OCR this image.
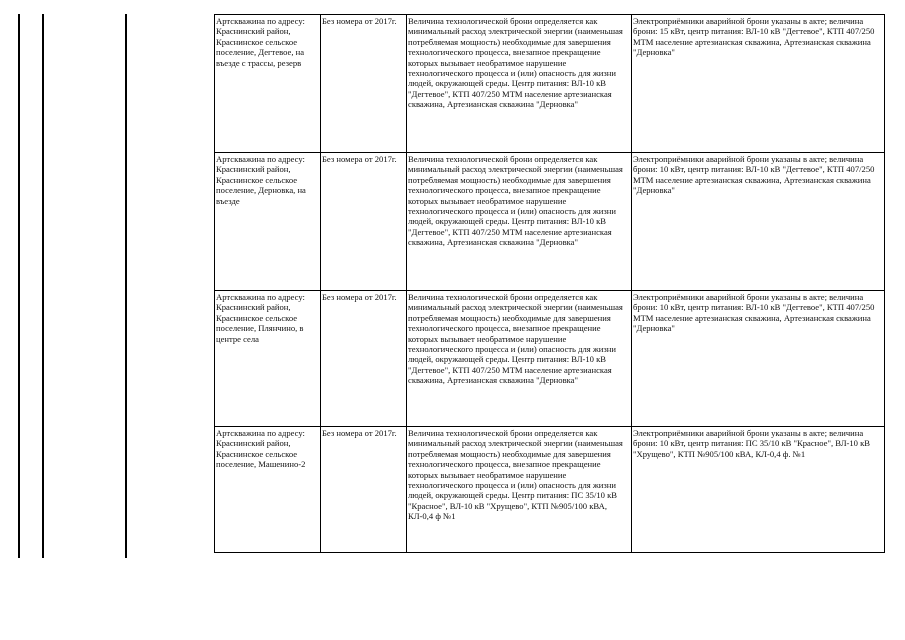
Артскважина по адресу: Краснинский район, Краснинское сельское поселение, Дегтевое, на въезде с трассы, резерв	Без номера от 2017г.	Величина технологической брони определяется как минимальный расход электрической энергии (наименьшая потребляемая мощность) необходимые для завершения технологического процесса, внезапное прекращение которых вызывает необратимое нарушение технологического процесса и (или) опасность для жизни людей, окружающей среды. Центр питания: ВЛ-10 кВ "Дегтевое", КТП 407/250 МТМ население артезианская скважина, Артезианская скважина "Дерновка"	Электроприёмники аварийной брони указаны в акте; величина брони: 15 кВт, центр питания: ВЛ-10 кВ "Дегтевое", КТП 407/250 МТМ население артезианская скважина, Артезианская скважина "Дерновка"
Артскважина по адресу: Краснинский район, Краснинское сельское поселение, Дерновка, на въезде	Без номера от 2017г.	Величина технологической брони определяется как минимальный расход электрической энергии (наименьшая потребляемая мощность) необходимые для завершения технологического процесса, внезапное прекращение которых вызывает необратимое нарушение технологического процесса и (или) опасность для жизни людей, окружающей среды. Центр питания: ВЛ-10 кВ "Дегтевое", КТП 407/250 МТМ население артезианская скважина, Артезианская скважина "Дерновка"	Электроприёмники аварийной брони указаны в акте; величина брони: 10 кВт, центр питания: ВЛ-10 кВ "Дегтевое", КТП 407/250 МТМ население артезианская скважина, Артезианская скважина "Дерновка"
Артскважина по адресу: Краснинский район, Краснинское сельское поселение, Плянчино, в центре села	Без номера от 2017г.	Величина технологической брони определяется как минимальный расход электрической энергии (наименьшая потребляемая мощность) необходимые для завершения технологического процесса, внезапное прекращение которых вызывает необратимое нарушение технологического процесса и (или) опасность для жизни людей, окружающей среды. Центр питания: ВЛ-10 кВ "Дегтевое", КТП 407/250 МТМ население артезианская скважина, Артезианская скважина "Дерновка"	Электроприёмники аварийной брони указаны в акте; величина брони: 10 кВт, центр питания: ВЛ-10 кВ "Дегтевое", КТП 407/250 МТМ население артезианская скважина, Артезианская скважина "Дерновка"
Артскважина по адресу: Краснинский район, Краснинское сельское поселение, Машенино-2	Без номера от 2017г.	Величина технологической брони определяется как минимальный расход электрической энергии (наименьшая потребляемая мощность) необходимые для завершения технологического процесса, внезапное прекращение которых вызывает необратимое нарушение технологического процесса и (или) опасность для жизни людей, окружающей среды. Центр питания: ПС 35/10 кВ "Красное", ВЛ-10 кВ "Хрущево", КТП №905/100 кВА, КЛ-0,4 ф №1	Электроприёмники аварийной брони указаны в акте; величина брони: 10 кВт, центр питания: ПС 35/10 кВ "Красное", ВЛ-10 кВ "Хрущево", КТП №905/100 кВА, КЛ-0,4 ф. №1
